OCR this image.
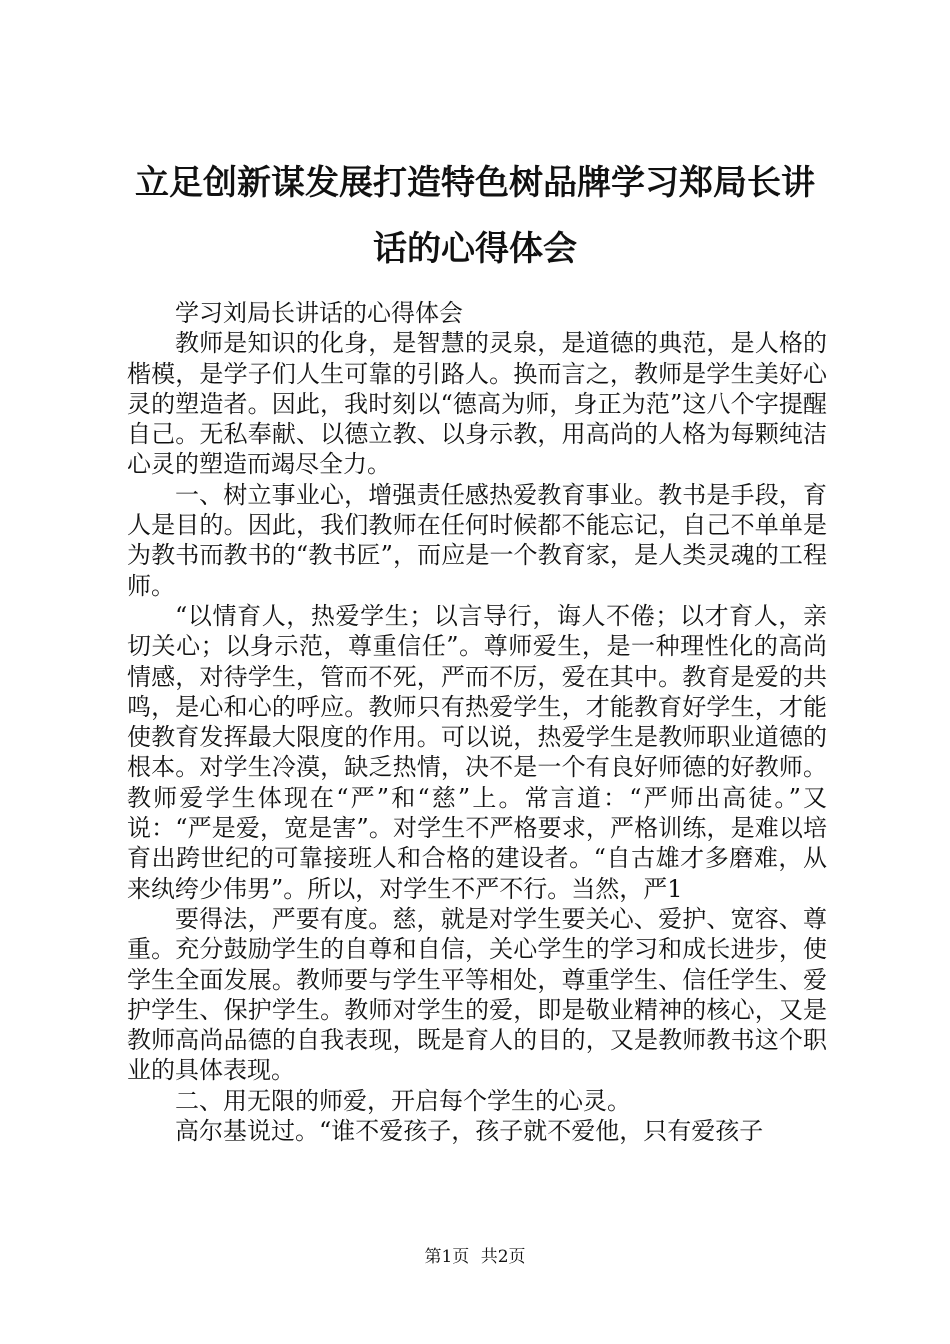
立足创新谋发展打造特色树品牌学习郑局长讲
话的心得体会

学习刘局长讲话的心得体会

教师是知识的化身，是智慧的灵泉，是道德的典范，是人格的楷模，是学子们人生可靠的引路人。换而言之，教师是学生美好心灵的塑造者。因此，我时刻以“德高为师，身正为范”这八个字提醒自己。无私奉献、以德立教、以身示教，用高尚的人格为每颗纯洁心灵的塑造而竭尽全力。

一、树立事业心，增强责任感热爱教育事业。教书是手段，育人是目的。因此，我们教师在任何时候都不能忘记，自己不单单是为教书而教书的“教书匠”，而应是一个教育家，是人类灵魂的工程师。

“以情育人，热爱学生；以言导行，诲人不倦；以才育人，亲切关心；以身示范，尊重信任”。尊师爱生，是一种理性化的高尚情感，对待学生，管而不死，严而不厉，爱在其中。教育是爱的共鸣，是心和心的呼应。教师只有热爱学生，才能教育好学生，才能使教育发挥最大限度的作用。可以说，热爱学生是教师职业道德的根本。对学生冷漠，缺乏热情，决不是一个有良好师德的好教师。教师爱学生体现在“严”和“慈”上。常言道：“严师出高徒。”又说：“严是爱，宽是害”。对学生不严格要求，严格训练，是难以培育出跨世纪的可靠接班人和合格的建设者。“自古雄才多磨难，从来纨绔少伟男”。所以，对学生不严不行。当然，严1

要得法，严要有度。慈，就是对学生要关心、爱护、宽容、尊重。充分鼓励学生的自尊和自信，关心学生的学习和成长进步，使学生全面发展。教师要与学生平等相处，尊重学生、信任学生、爱护学生、保护学生。教师对学生的爱，即是敬业精神的核心，又是教师高尚品德的自我表现，既是育人的目的，又是教师教书这个职业的具体表现。

二、用无限的师爱，开启每个学生的心灵。

高尔基说过。“谁不爱孩子，孩子就不爱他，只有爱孩子

第1页 共2页
